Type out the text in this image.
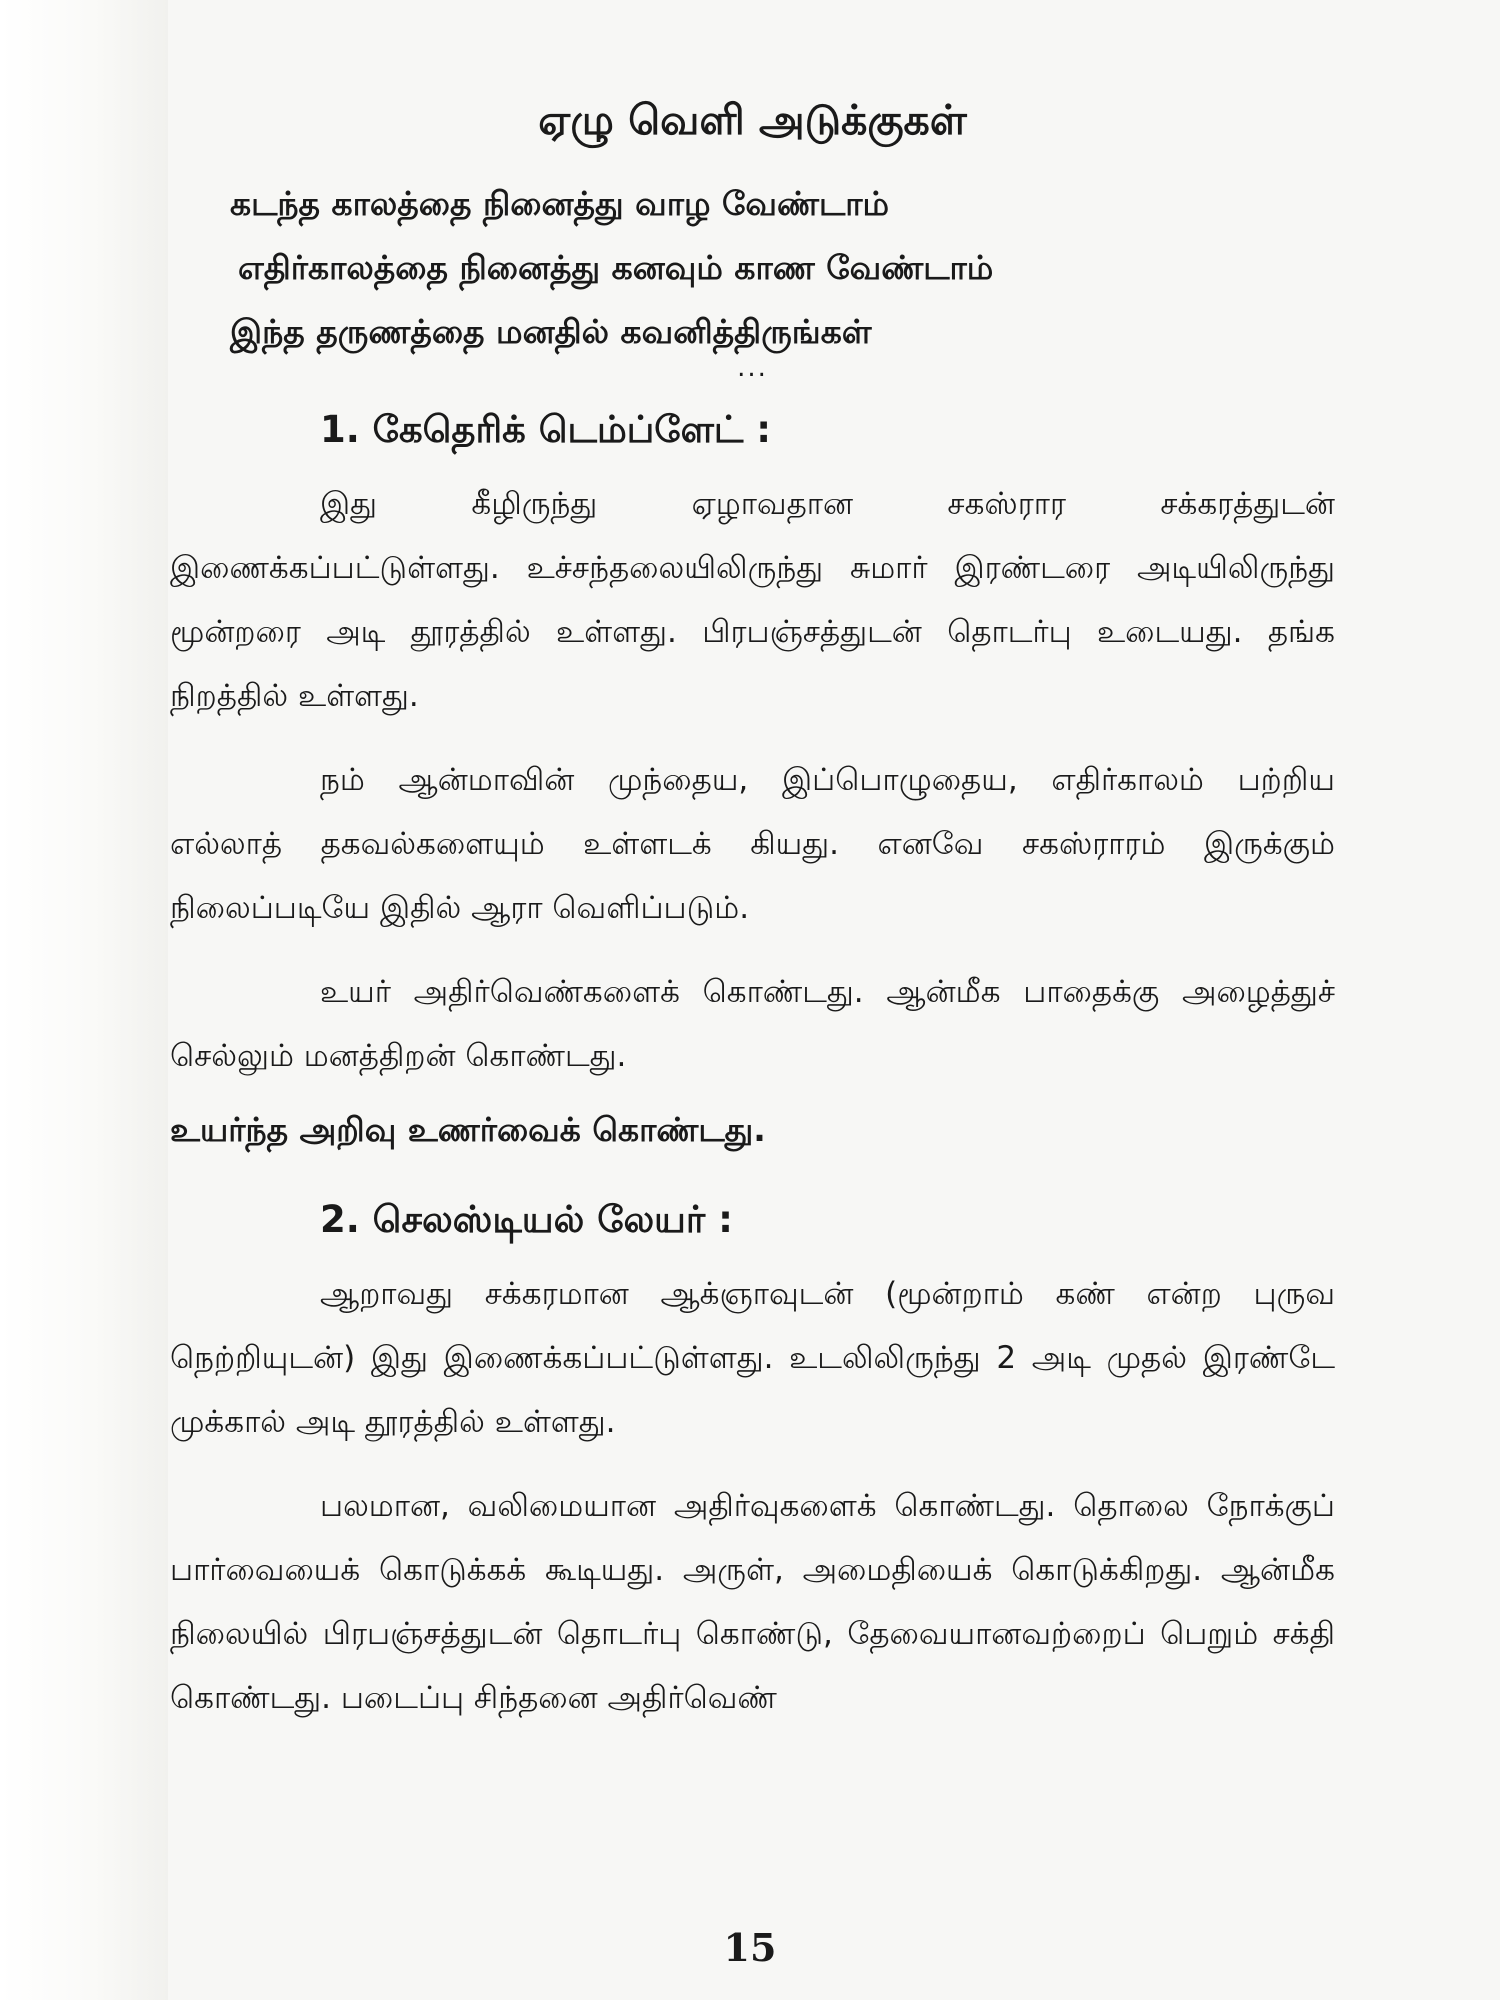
ஏழு வெளி அடுக்குகள்
கடந்த காலத்தை நினைத்து வாழ வேண்டாம்
எதிர்காலத்தை நினைத்து கனவும் காண வேண்டாம்
இந்த தருணத்தை மனதில் கவனித்திருங்கள்
...
1. கேதெரிக் டெம்ப்ளேட் :

இது கீழிருந்து ஏழாவதான சகஸ்ரார சக்கரத்துடன் இணைக்கப்பட்டுள்ளது. உச்சந்தலையிலிருந்து சுமார் இரண்டரை அடியிலிருந்து மூன்றரை அடி தூரத்தில் உள்ளது. பிரபஞ்சத்துடன் தொடர்பு உடையது. தங்க நிறத்தில் உள்ளது.

நம் ஆன்மாவின் முந்தைய, இப்பொழுதைய, எதிர்காலம் பற்றிய எல்லாத் தகவல்களையும் உள்ளடக் கியது. எனவே சகஸ்ராரம் இருக்கும் நிலைப்படியே இதில் ஆரா வெளிப்படும்.

உயர் அதிர்வெண்களைக் கொண்டது. ஆன்மீக பாதைக்கு அழைத்துச் செல்லும் மனத்திறன் கொண்டது.

உயர்ந்த அறிவு உணர்வைக் கொண்டது.
2. செலஸ்டியல் லேயர் :

ஆறாவது சக்கரமான ஆக்ஞாவுடன் (மூன்றாம் கண் என்ற புருவ நெற்றியுடன்) இது இணைக்கப்பட்டுள்ளது. உடலிலிருந்து 2 அடி முதல் இரண்டே முக்கால் அடி தூரத்தில் உள்ளது.

பலமான, வலிமையான அதிர்வுகளைக் கொண்டது. தொலை நோக்குப் பார்வையைக் கொடுக்கக் கூடியது. அருள், அமைதியைக் கொடுக்கிறது. ஆன்மீக நிலையில் பிரபஞ்சத்துடன் தொடர்பு கொண்டு, தேவையானவற்றைப் பெறும் சக்தி கொண்டது. படைப்பு சிந்தனை அதிர்வெண்

15
